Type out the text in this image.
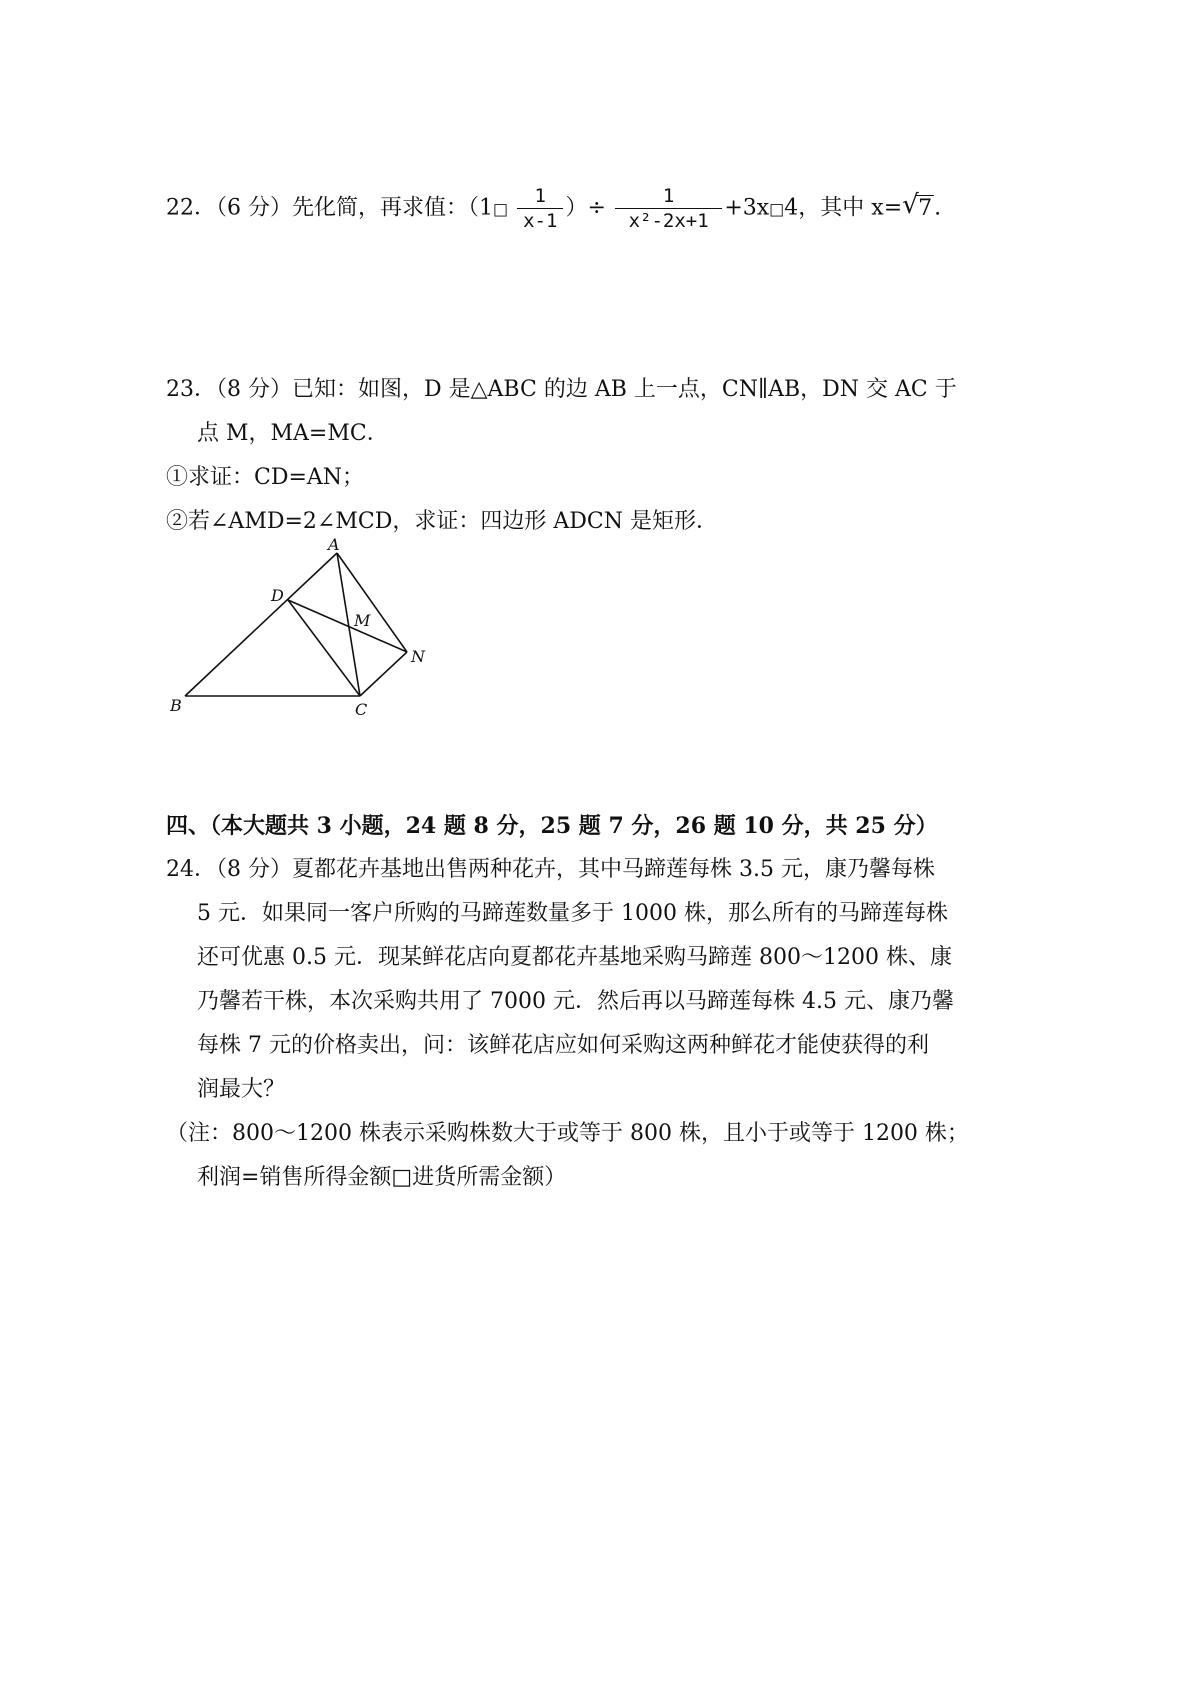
22．（6 分）先化简，再求值：（1□ $\frac{1}{x-1}$ ）÷ $\frac{1}{\text{x²-2x+1}}$ +3x□4，其中 x= √ 7.
23．（8 分）已知：如图，D 是△ABC 的边 AB 上一点，CN∥AB，DN 交 AC 于
点 M，MA=MC．
①求证：CD=AN；
②若∠AMD=2∠MCD，求证：四边形 ADCN 是矩形．
A
D
M
N
B	C
四、（本大题共 3 小题，24 题 8 分，25 题 7 分，26 题 10 分，共 25 分）
24．（8 分）夏都花卉基地出售两种花卉，其中马蹄莲每株 3.5 元，康乃馨每株
5 元．如果同一客户所购的马蹄莲数量多于 1000 株，那么所有的马蹄莲每株
还可优惠 0.5 元．现某鲜花店向夏都花卉基地采购马蹄莲 800～1200 株、康
乃馨若干株，本次采购共用了 7000 元．然后再以马蹄莲每株 4.5 元、康乃馨
每株 7 元的价格卖出，问：该鲜花店应如何采购这两种鲜花才能使获得的利
润最大？
（注：800～1200 株表示采购株数大于或等于 800 株，且小于或等于 1200 株；
利润=销售所得金额□进货所需金额）
